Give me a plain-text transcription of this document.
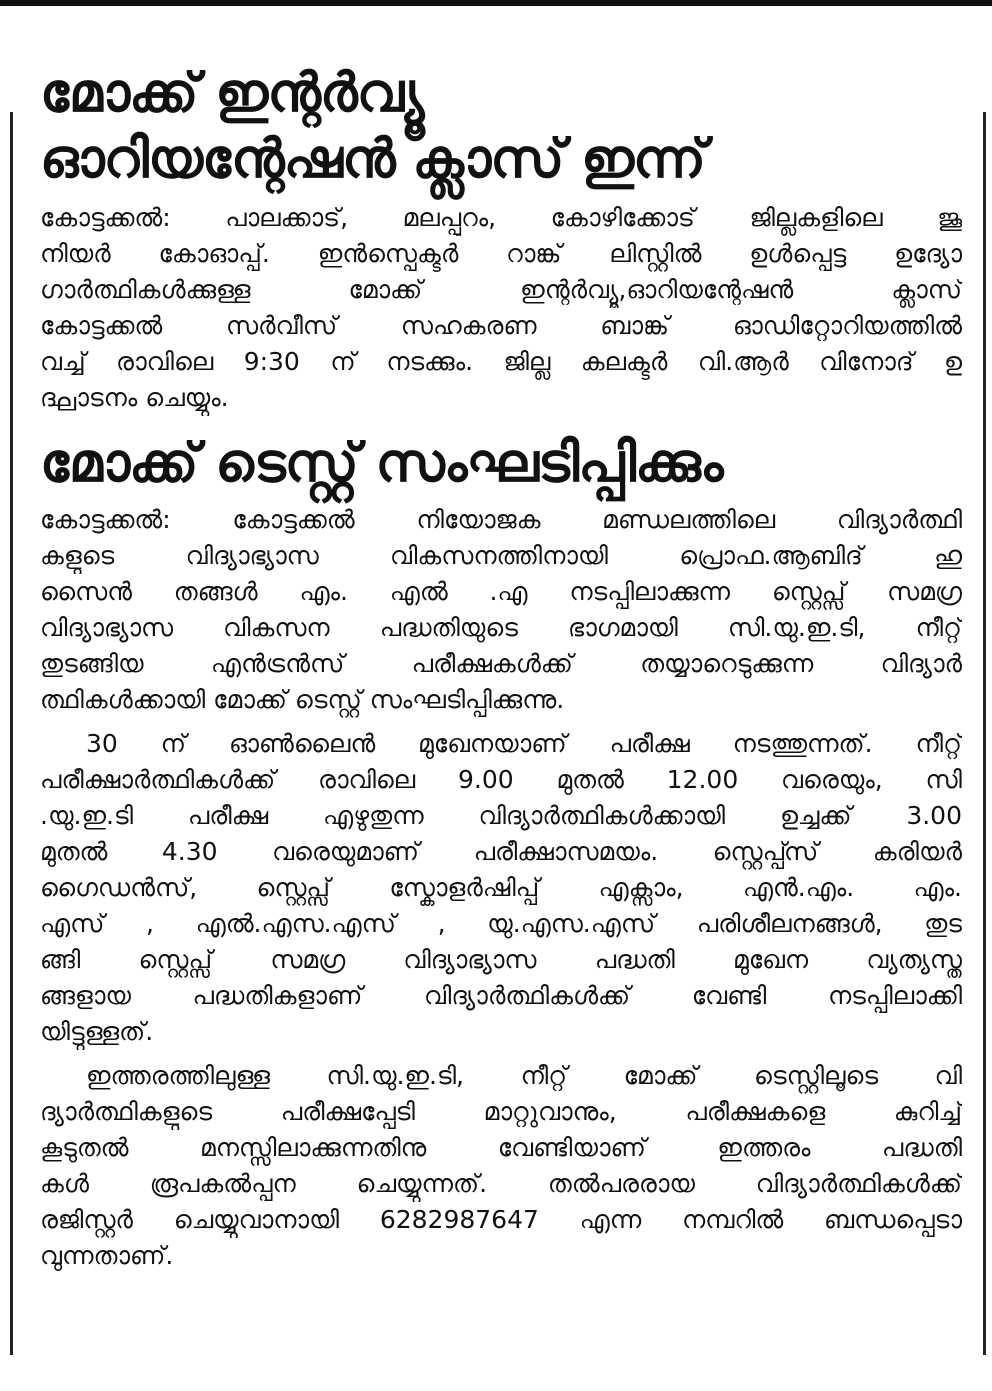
മോക്ക് ഇന്റർവ്യൂ
ഓറിയന്റേഷൻ ക്ലാസ് ഇന്ന്
കോട്ടക്കൽ: പാലക്കാട്, മലപ്പുറം, കോഴിക്കോട് ജില്ലകളിലെ ജൂ
നിയർ കോഓപ്പ്. ഇൻസ്പെക്ടർ റാങ്ക് ലിസ്റ്റിൽ ഉൾപ്പെട്ട ഉദ്യോ
ഗാർത്ഥികൾക്കുള്ള മോക്ക് ഇന്റർവ്യൂ,ഓറിയന്റേഷൻ ക്ലാസ്
കോട്ടക്കൽ സർവീസ് സഹകരണ ബാങ്ക് ഓഡിറ്റോറിയത്തിൽ
വച്ച് രാവിലെ 9:30 ന് നടക്കും. ജില്ല കലക്ടർ വി.ആർ വിനോദ് ഉ
ദ്ഘാടനം ചെയ്യും.
മോക്ക് ടെസ്റ്റ് സംഘടിപ്പിക്കും
കോട്ടക്കൽ: കോട്ടക്കൽ നിയോജക മണ്ഡലത്തിലെ വിദ്യാർത്ഥി
കളുടെ വിദ്യാഭ്യാസ വികസനത്തിനായി പ്രൊഫ.ആബിദ് ഹു
സൈൻ തങ്ങൾ എം. എൽ .എ നടപ്പിലാക്കുന്ന സ്റ്റെപ്സ് സമഗ്ര
വിദ്യാഭ്യാസ വികസന പദ്ധതിയുടെ ഭാഗമായി സി.യു.ഇ.ടി, നീറ്റ്
തുടങ്ങിയ എൻട്രൻസ് പരീക്ഷകൾക്ക് തയ്യാറെടുക്കുന്ന വിദ്യാർ
ത്ഥികൾക്കായി മോക്ക് ടെസ്റ്റ് സംഘടിപ്പിക്കുന്നു.
30 ന് ഓൺലൈൻ മുഖേനയാണ് പരീക്ഷ നടത്തുന്നത്. നീറ്റ്
പരീക്ഷാർത്ഥികൾക്ക് രാവിലെ 9.00 മുതൽ 12.00 വരെയും, സി
.യു.ഇ.ടി പരീക്ഷ എഴുതുന്ന വിദ്യാർത്ഥികൾക്കായി ഉച്ചക്ക് 3.00
മുതൽ 4.30 വരെയുമാണ് പരീക്ഷാസമയം. സ്റ്റെപ്പ്സ് കരിയർ
ഗൈഡൻസ്, സ്റ്റെപ്സ് സ്കോളർഷിപ്പ് എക്സാം, എൻ.എം. എം.
എസ് , എൽ.എസ.എസ് , യു.എസ.എസ് പരിശീലനങ്ങൾ, തുട
ങ്ങി സ്റ്റെപ്സ് സമഗ്ര വിദ്യാഭ്യാസ പദ്ധതി മുഖേന വ്യത്യസ്ത
ങ്ങളായ പദ്ധതികളാണ് വിദ്യാർത്ഥികൾക്ക് വേണ്ടി നടപ്പിലാക്കി
യിട്ടുള്ളത്.
ഇത്തരത്തിലുള്ള സി.യു.ഇ.ടി, നീറ്റ് മോക്ക് ടെസ്റ്റിലൂടെ വി
ദ്യാർത്ഥികളുടെ പരീക്ഷപ്പേടി മാറ്റുവാനും, പരീക്ഷകളെ കുറിച്ച്
കൂടുതൽ മനസ്സിലാക്കുന്നതിനു വേണ്ടിയാണ് ഇത്തരം പദ്ധതി
കൾ രൂപകൽപ്പന ചെയ്യുന്നത്. തൽപരരായ വിദ്യാർത്ഥികൾക്ക്
രജിസ്റ്റർ ചെയ്യുവാനായി 6282987647 എന്ന നമ്പറിൽ ബന്ധപ്പെടാ
വുന്നതാണ്.
